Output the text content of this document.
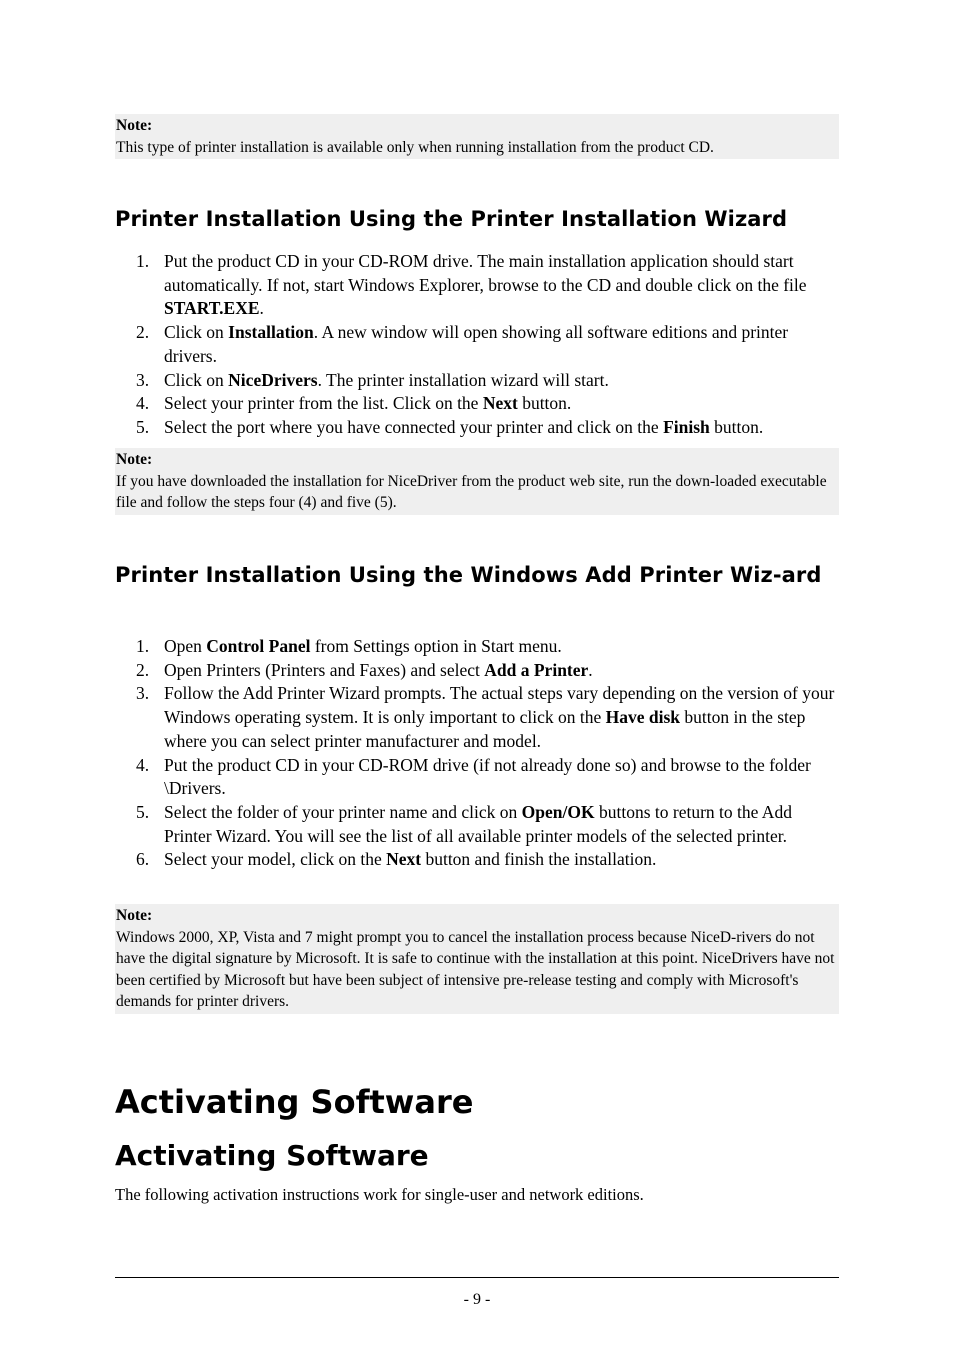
Note:
This type of printer installation is available only when running installation from the product CD.
Printer Installation Using the Printer Installation Wizard
1. Put the product CD in your CD-ROM drive. The main installation application should start automatically. If not, start Windows Explorer, browse to the CD and double click on the file START.EXE.
2. Click on Installation. A new window will open showing all software editions and printer drivers.
3. Click on NiceDrivers. The printer installation wizard will start.
4. Select your printer from the list. Click on the Next button.
5. Select the port where you have connected your printer and click on the Finish button.
Note:
If you have downloaded the installation for NiceDriver from the product web site, run the down-loaded executable file and follow the steps four (4) and five (5).
Printer Installation Using the Windows Add Printer Wiz-ard
1. Open Control Panel from Settings option in Start menu.
2. Open Printers (Printers and Faxes) and select Add a Printer.
3. Follow the Add Printer Wizard prompts. The actual steps vary depending on the version of your Windows operating system. It is only important to click on the Have disk button in the step where you can select printer manufacturer and model.
4. Put the product CD in your CD-ROM drive (if not already done so) and browse to the folder \Drivers.
5. Select the folder of your printer name and click on Open/OK buttons to return to the Add Printer Wizard. You will see the list of all available printer models of the selected printer.
6. Select your model, click on the Next button and finish the installation.
Note:
Windows 2000, XP, Vista and 7 might prompt you to cancel the installation process because NiceD-rivers do not have the digital signature by Microsoft. It is safe to continue with the installation at this point. NiceDrivers have not been certified by Microsoft but have been subject of intensive pre-release testing and comply with Microsoft's demands for printer drivers.
Activating Software
Activating Software

The following activation instructions work for single-user and network editions.

- 9 -
